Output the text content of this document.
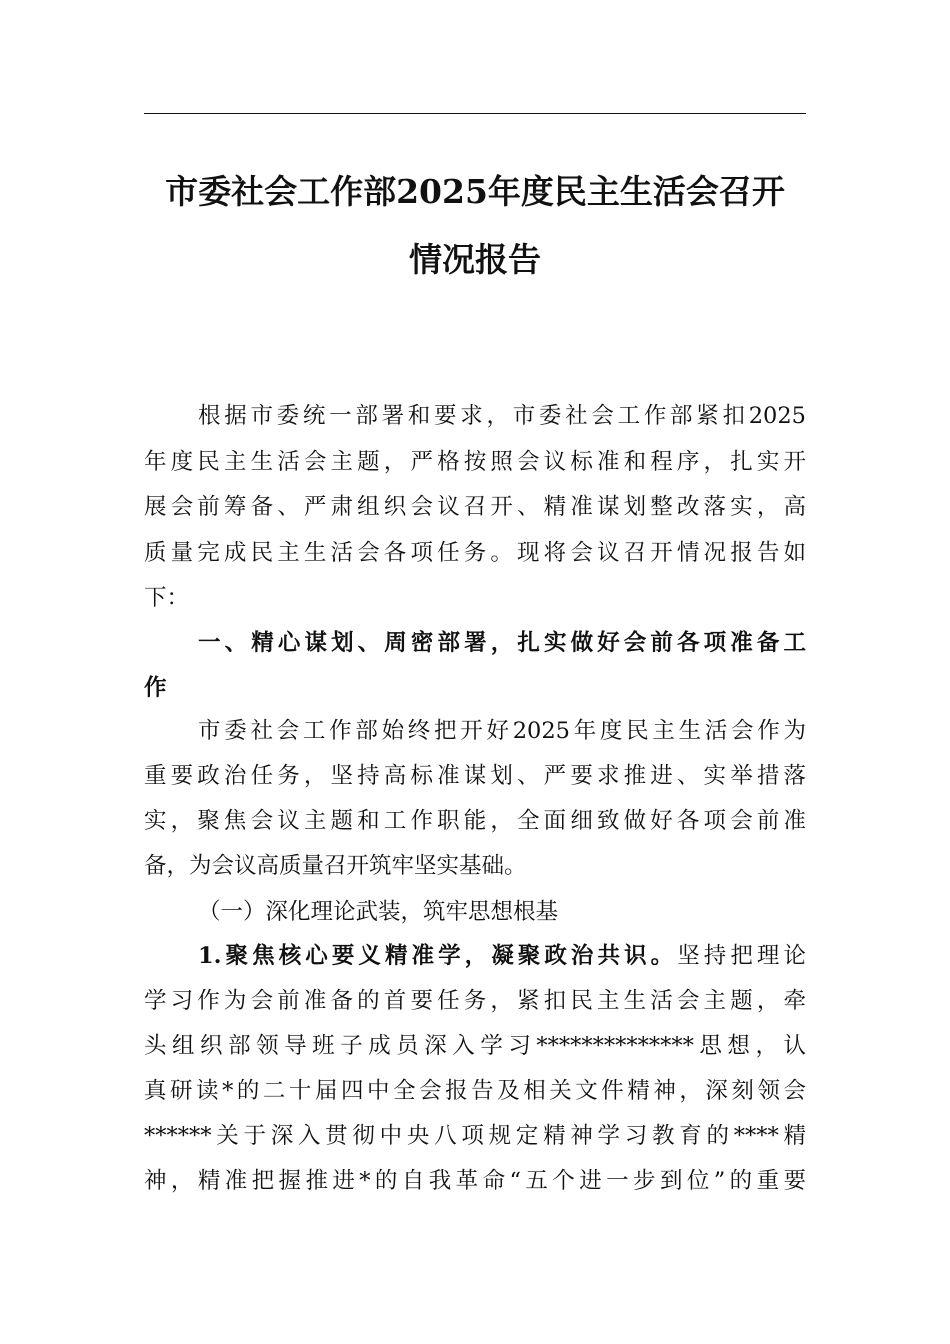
市委社会工作部2025年度民主生活会召开
情况报告
根据市委统一部署和要求，市委社会工作部紧扣2025
年度民主生活会主题，严格按照会议标准和程序，扎实开
展会前筹备、严肃组织会议召开、精准谋划整改落实，高
质量完成民主生活会各项任务。现将会议召开情况报告如
下：
一、精心谋划、周密部署，扎实做好会前各项准备工
作
市委社会工作部始终把开好2025年度民主生活会作为
重要政治任务，坚持高标准谋划、严要求推进、实举措落
实，聚焦会议主题和工作职能，全面细致做好各项会前准
备，为会议高质量召开筑牢坚实基础。
（一）深化理论武装，筑牢思想根基
1.聚焦核心要义精准学，凝聚政治共识。坚持把理论
学习作为会前准备的首要任务，紧扣民主生活会主题，牵
头组织部领导班子成员深入学习**************思想，认
真研读*的二十届四中全会报告及相关文件精神，深刻领会
******关于深入贯彻中央八项规定精神学习教育的****精
神，精准把握推进*的自我革命“五个进一步到位”的重要
